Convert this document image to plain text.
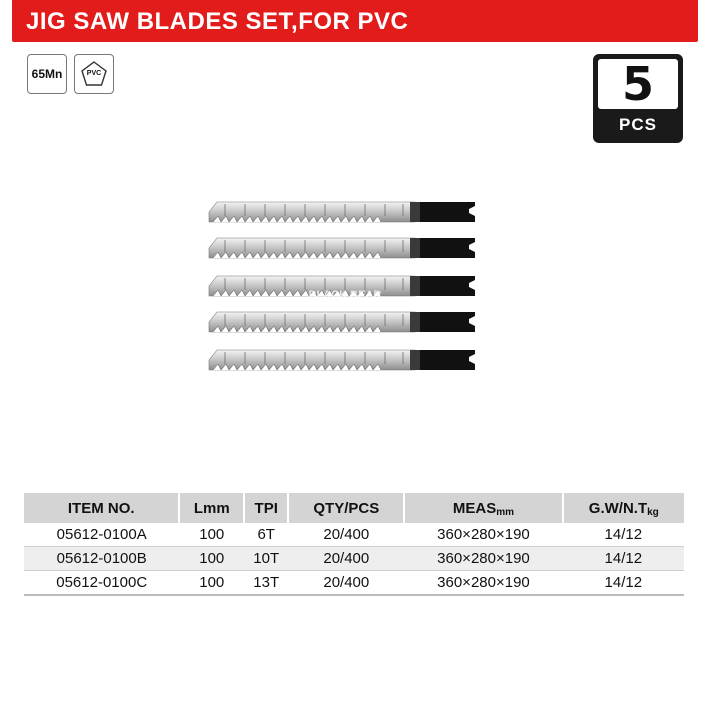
JIG SAW BLADES SET,FOR PVC
65Mn	PVC	5
PCS
BLACK BEAR
ITEM NO.	Lmm	TPI	QTY/PCS	$MEAS_{mm}$	$G.W/N.T_{kg}$
05612-0100A	100	6T	20/400	360×280×190	14/12
05612-0100B	100	10T	20/400	360×280×190	14/12
05612-0100C	100	13T	20/400	360×280×190	14/12
